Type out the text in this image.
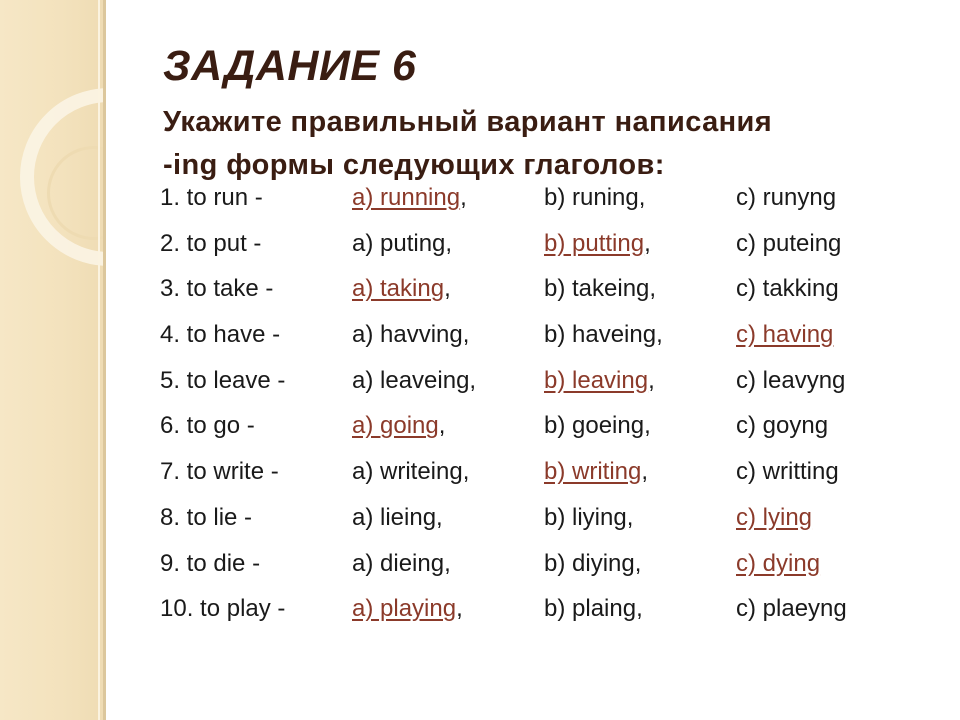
ЗАДАНИЕ 6
Укажите правильный вариант написания
-ing формы следующих глаголов:
1. to run -	a) running,	b) runing,	c) runyng
2. to put -	a) puting,	b) putting,	c) puteing
3. to take -	a) taking,	b) takeing,	c) takking
4. to have -	a) havving,	b) haveing,	c) having
5. to leave -	a) leaveing,	b) leaving,	c) leavyng
6. to go -	a) going,	b) goeing,	c) goyng
7. to write -	a) writeing,	b) writing,	c) writting
8. to lie -	a) lieing,	b) liying,	c) lying
9. to die -	a) dieing,	b) diying,	c) dying
10. to play -	a) playing,	b) plaing,	c) plaeyng
